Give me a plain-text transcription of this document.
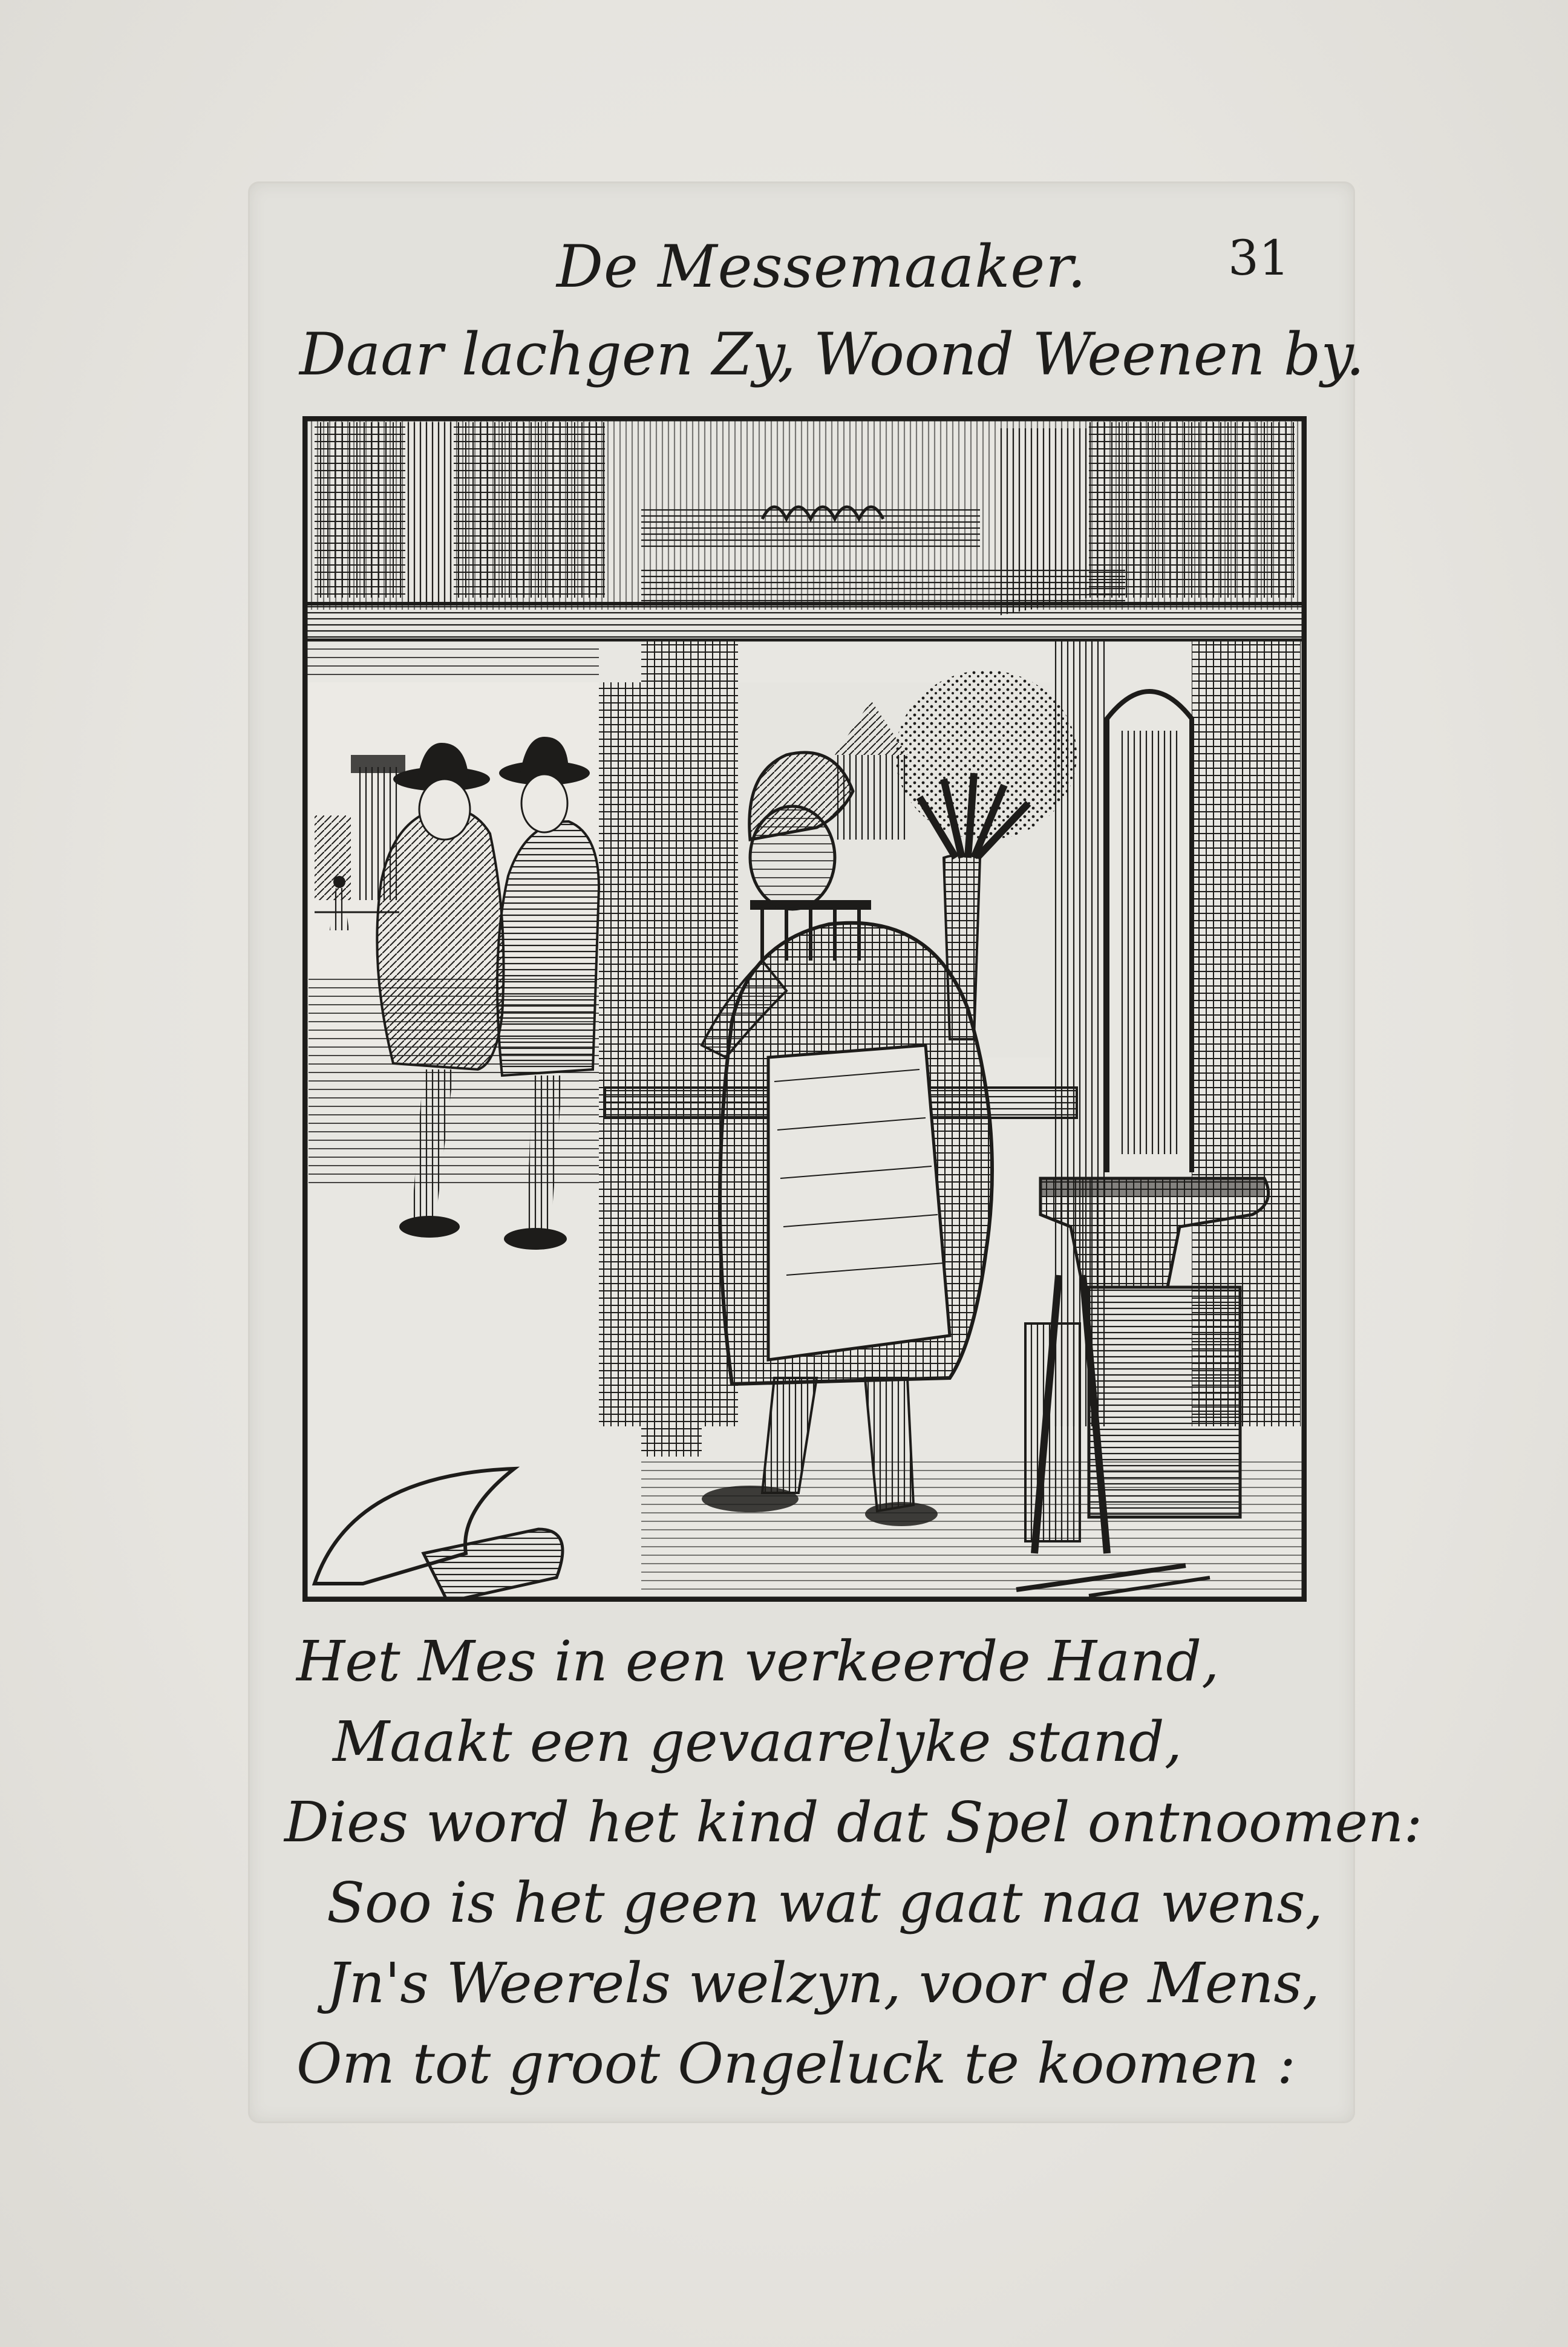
De Messemaaker.	31
Daar lachgen Zy, Woond Weenen by.
Het Mes in een verkeerde Hand,
Maakt een gevaarelyke stand,
Dies word het kind dat Spel ontnoomen:
Soo is het geen wat gaat naa wens,
Jn's Weerels welzyn, voor de Mens,
Om tot groot Ongeluck te koomen :
